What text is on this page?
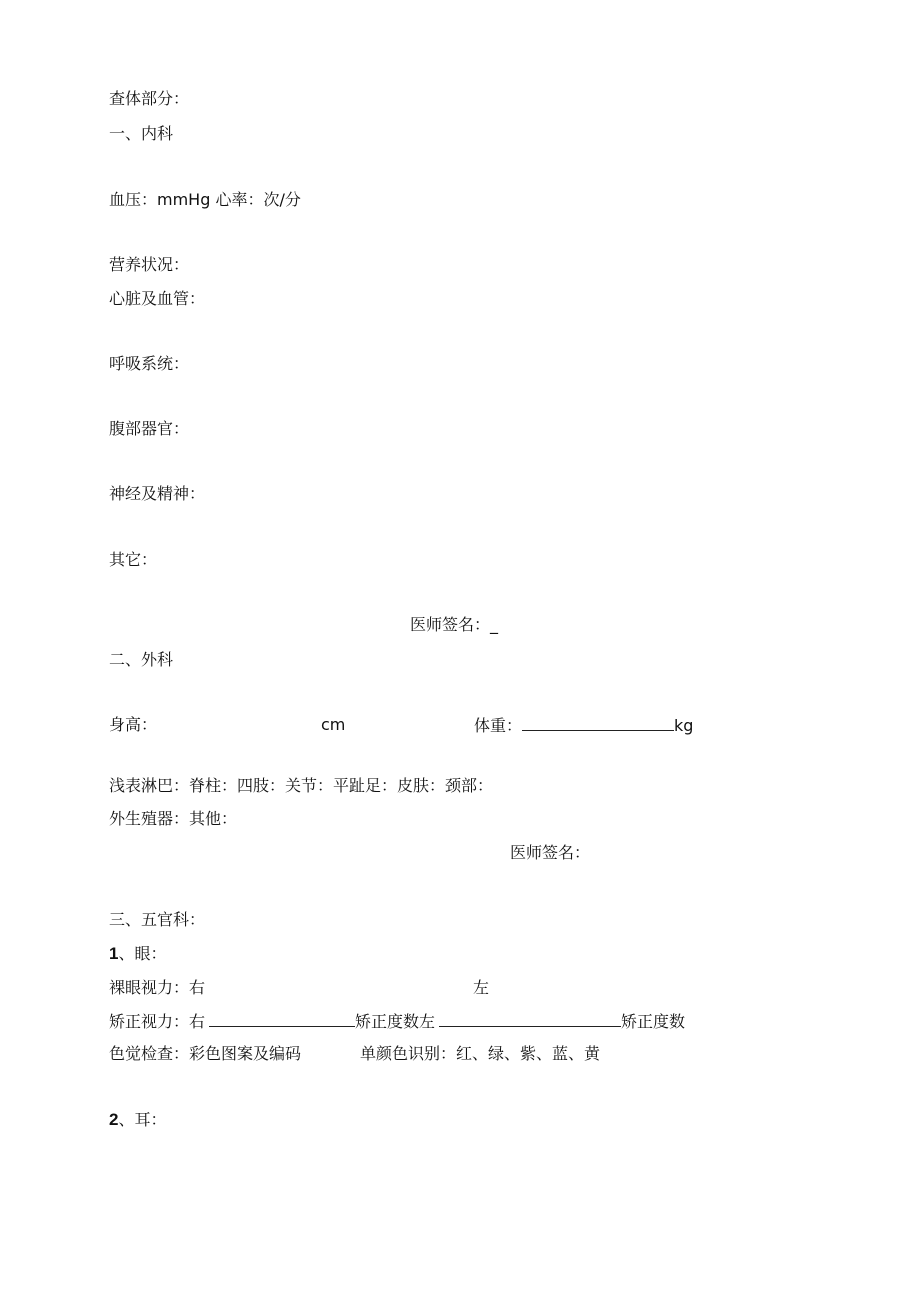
查体部分：
一、内科
血压：mmHg 心率：次/分
营养状况：
心脏及血管：
呼吸系统：
腹部器官：
神经及精神：
其它：
医师签名：_
二、外科
身高：	cm	体重：	kg
浅表淋巴：脊柱：四肢：关节：平趾足：皮肤：颈部：
外生殖器：其他：
医师签名：
三、五官科：
1、眼：
裸眼视力：右	左
矫正视力：右	矫正度数左	矫正度数
色觉检查：彩色图案及编码	单颜色识别：红、绿、紫、蓝、黄
2、耳：
